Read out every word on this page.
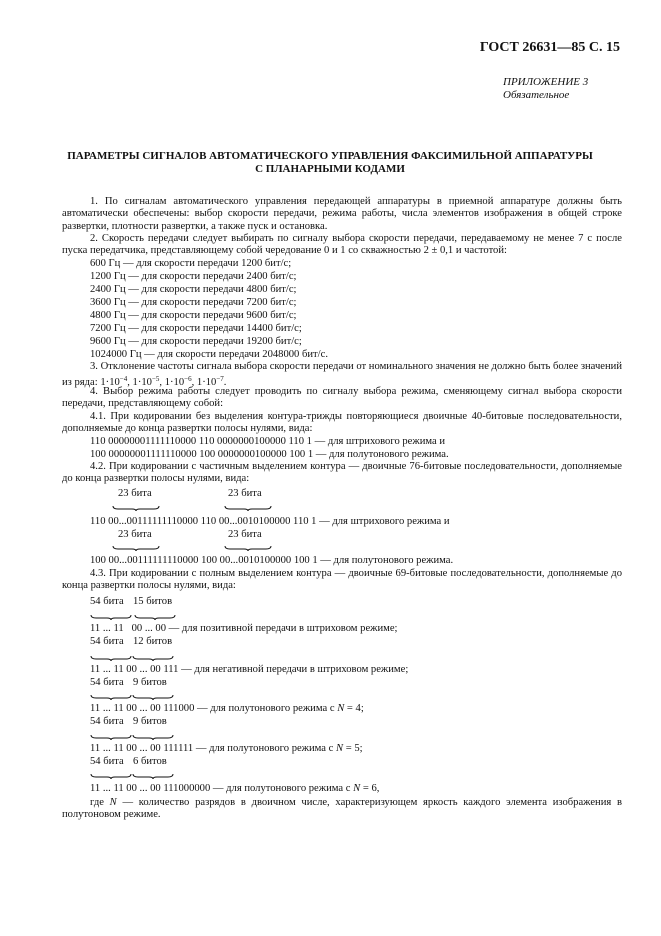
ГОСТ 26631—85 С. 15
ПРИЛОЖЕНИЕ 3
Обязательное
ПАРАМЕТРЫ СИГНАЛОВ АВТОМАТИЧЕСКОГО УПРАВЛЕНИЯ ФАКСИМИЛЬНОЙ АППАРАТУРЫ
С ПЛАНАРНЫМИ КОДАМИ
1. По сигналам автоматического управления передающей аппаратуры в приемной аппаратуре должны быть автоматически обеспечены: выбор скорости передачи, режима работы, числа элементов изображения в общей строке развертки, плотности развертки, а также пуск и остановка.
2. Скорость передачи следует выбирать по сигналу выбора скорости передачи, передаваемому не менее 7 с после пуска передатчика, представляющему собой чередование 0 и 1 со скважностью 2 ± 0,1 и частотой:
600 Гц — для скорости передачи 1200 бит/с;
1200 Гц — для скорости передачи 2400 бит/с;
2400 Гц — для скорости передачи 4800 бит/с;
3600 Гц — для скорости передачи 7200 бит/с;
4800 Гц — для скорости передачи 9600 бит/с;
7200 Гц — для скорости передачи 14400 бит/с;
9600 Гц — для скорости передачи 19200 бит/с;
1024000 Гц — для скорости передачи 2048000 бит/с.
3. Отклонение частоты сигнала выбора скорости передачи от номинального значения не должно быть более значений из ряда: $1\cdot 10^{-4}$, $1\cdot 10^{-5}$, $1\cdot 10^{-6}$, $1\cdot 10^{-7}$.
4. Выбор режима работы следует проводить по сигналу выбора режима, сменяющему сигнал выбора скорости передачи, представляющему собой:
4.1. При кодировании без выделения контура-трижды повторяющиеся двоичные 40-битовые последовательности, дополняемые до конца развертки полосы нулями, вида:
110 00000001111110000 110 0000000100000 110 1 — для штрихового режима и
100 00000001111110000 100 0000000100000 100 1 — для полутонового режима.
4.2. При кодировании с частичным выделением контура — двоичные 76-битовые последовательности, дополняемые до конца развертки полосы нулями, вида:
23 бита	23 бита
110 00...00111111110000 110 00...0010100000 110 1 — для штрихового режима и
23 бита	23 бита
100 00...00111111110000 100 00...0010100000 100 1 — для полутонового режима.
4.3. При кодировании с полным выделением контура — двоичные 69-битовые последовательности, дополняемые до конца развертки полосы нулями, вида:
54 бита 15 битов
11 ... 11   00 ... 00 — для позитивной передачи в штриховом режиме;
54 бита 12 битов
11 ... 11 00 ... 00 111 — для негативной передачи в штриховом режиме;
54 бита 9 битов
11 ... 11 00 ... 00 111000 — для полутонового режима с N = 4;
54 бита 9 битов
11 ... 11 00 ... 00 111111 — для полутонового режима с N = 5;
54 бита 6 битов
11 ... 11 00 ... 00 111000000 — для полутонового режима с N = 6,
где N — количество разрядов в двоичном числе, характеризующем яркость каждого элемента изображения в полутоновом режиме.
